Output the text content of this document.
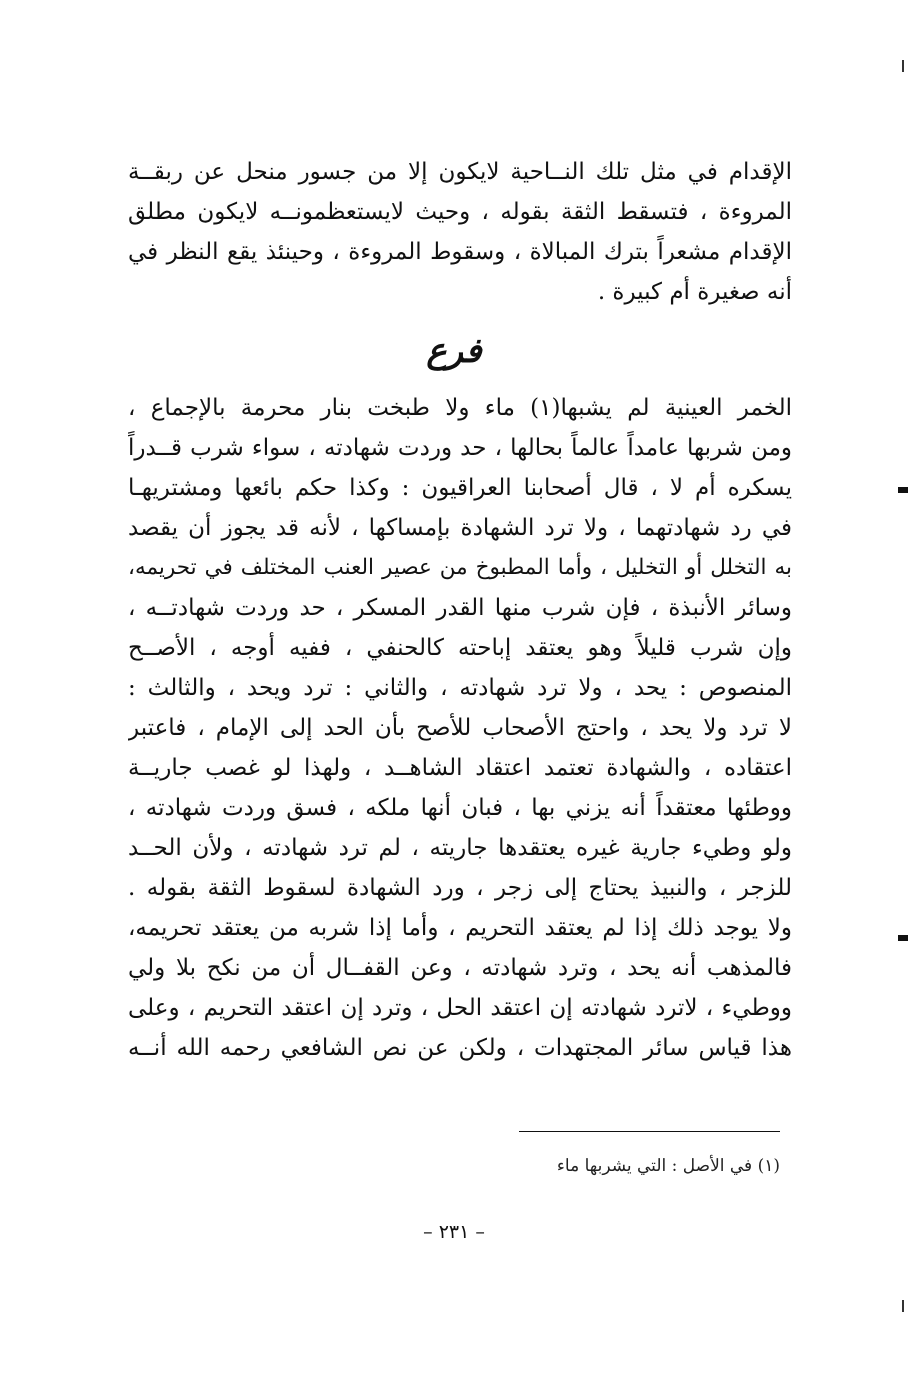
الإقدام في مثل تلك النــاحية لايكون إلا من جسور منحل عن ربقــة
المروءة ، فتسقط الثقة بقوله ، وحيث لايستعظمونــه لايكون مطلق
الإقدام مشعراً بترك المبالاة ، وسقوط المروءة ، وحينئذ يقع النظر في
أنه صغيرة أم كبيرة .
فرع
الخمر العينية لم يشبها(١) ماء ولا طبخت بنار محرمة بالإجماع ،
ومن شربها عامداً عالماً بحالها ، حد وردت شهادته ، سواء شرب قــدراً
يسكره أم لا ، قال أصحابنا العراقيون : وكذا حكم بائعها ومشتريهـا
في رد شهادتهما ، ولا ترد الشهادة بإمساكها ، لأنه قد يجوز أن يقصد
به التخلل أو التخليل ، وأما المطبوخ من عصير العنب المختلف في تحريمه،
وسائر الأنبذة ، فإن شرب منها القدر المسكر ، حد وردت شهادتــه ،
وإن شرب قليلاً وهو يعتقد إباحته كالحنفي ، ففيه أوجه ، الأصــح
المنصوص : يحد ، ولا ترد شهادته ، والثاني : ترد ويحد ، والثالث :
لا ترد ولا يحد ، واحتج الأصحاب للأصح بأن الحد إلى الإمام ، فاعتبر
اعتقاده ، والشهادة تعتمد اعتقاد الشاهــد ، ولهذا لو غصب جاريــة
ووطئها معتقداً أنه يزني بها ، فبان أنها ملكه ، فسق وردت شهادته ،
ولو وطيء جارية غيره يعتقدها جاريته ، لم ترد شهادته ، ولأن الحــد
للزجر ، والنبيذ يحتاج إلى زجر ، ورد الشهادة لسقوط الثقة بقوله .
ولا يوجد ذلك إذا لم يعتقد التحريم ، وأما إذا شربه من يعتقد تحريمه،
فالمذهب أنه يحد ، وترد شهادته ، وعن القفــال أن من نكح بلا ولي
ووطيء ، لاترد شهادته إن اعتقد الحل ، وترد إن اعتقد التحريم ، وعلى
هذا قياس سائر المجتهدات ، ولكن عن نص الشافعي رحمه الله أنــه
(١) في الأصل : التي يشربها ماء
– ٢٣١ –
